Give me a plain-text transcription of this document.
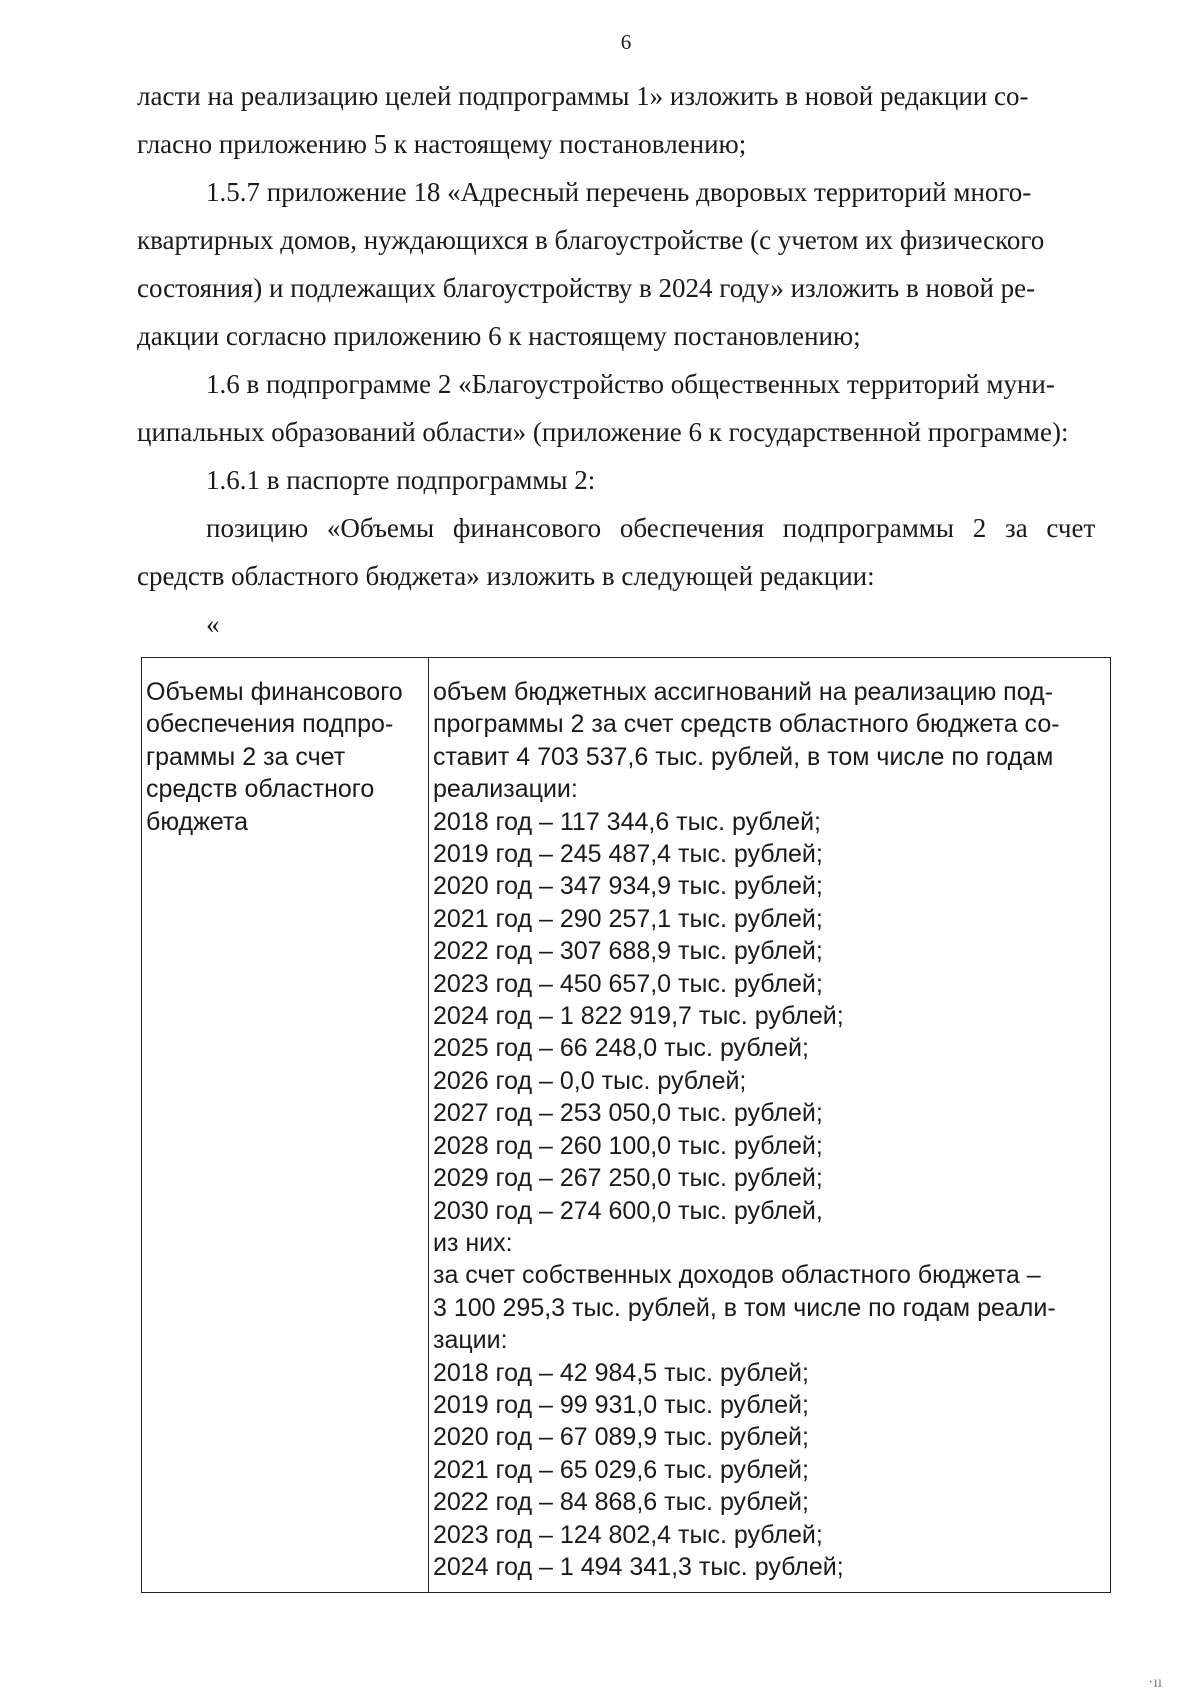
6

ласти на реализацию целей подпрограммы 1» изложить в новой редакции со-
гласно приложению 5 к настоящему постановлению;

1.5.7 приложение 18 «Адресный перечень дворовых территорий много-

квартирных домов, нуждающихся в благоустройстве (с учетом их физического
состояния) и подлежащих благоустройству в 2024 году» изложить в новой ре-
дакции согласно приложению 6 к настоящему постановлению;

1.6 в подпрограмме 2 «Благоустройство общественных территорий муни-

ципальных образований области» (приложение 6 к государственной программе):

1.6.1 в паспорте подпрограммы 2:

позицию «Объемы финансового обеспечения подпрограммы 2 за счет

средств областного бюджета» изложить в следующей редакции:

«

Объемы финансового
обеспечения подпро-
граммы 2 за счет
средств областного
бюджета
объем бюджетных ассигнований на реализацию под-
программы 2 за счет средств областного бюджета со-
ставит 4 703 537,6 тыс. рублей, в том числе по годам
реализации:
2018 год – 117 344,6 тыс. рублей;
2019 год – 245 487,4 тыс. рублей;
2020 год – 347 934,9 тыс. рублей;
2021 год – 290 257,1 тыс. рублей;
2022 год – 307 688,9 тыс. рублей;
2023 год – 450 657,0 тыс. рублей;
2024 год – 1 822 919,7 тыс. рублей;
2025 год – 66 248,0 тыс. рублей;
2026 год – 0,0 тыс. рублей;
2027 год – 253 050,0 тыс. рублей;
2028 год – 260 100,0 тыс. рублей;
2029 год – 267 250,0 тыс. рублей;
2030 год – 274 600,0 тыс. рублей,
из них:
за счет собственных доходов областного бюджета –
3 100 295,3 тыс. рублей, в том числе по годам реали-
зации:
2018 год – 42 984,5 тыс. рублей;
2019 год – 99 931,0 тыс. рублей;
2020 год – 67 089,9 тыс. рублей;
2021 год – 65 029,6 тыс. рублей;
2022 год – 84 868,6 тыс. рублей;
2023 год – 124 802,4 тыс. рублей;
2024 год – 1 494 341,3 тыс. рублей;
·ıı
